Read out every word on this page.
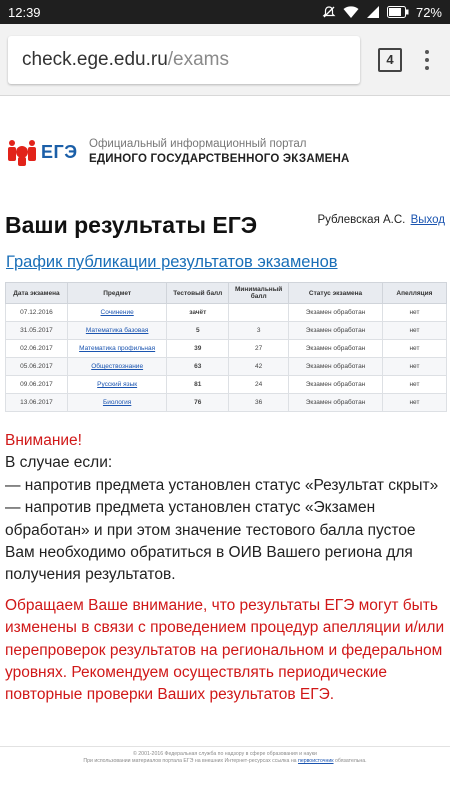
12:39	72%
check.ege.edu.ru /exams	4
ЕГЭ Официальный информационный портал
ЕДИНОГО ГОСУДАРСТВЕННОГО ЭКЗАМЕНА
Ваши результаты ЕГЭ	Рублевская А.С. Выход
График публикации результатов экзаменов
Дата экзамена	Предмет	Тестовый балл	Минимальный балл	Статус экзамена	Апелляция
07.12.2016	Сочинение	зачёт		Экзамен обработан	нет
31.05.2017	Математика базовая	5	3	Экзамен обработан	нет
02.06.2017	Математика профильная	39	27	Экзамен обработан	нет
05.06.2017	Обществознание	63	42	Экзамен обработан	нет
09.06.2017	Русский язык	81	24	Экзамен обработан	нет
13.06.2017	Биология	76	36	Экзамен обработан	нет
Внимание!
В случае если:
— напротив предмета установлен статус «Результат скрыт»
— напротив предмета установлен статус «Экзамен обработан» и при этом значение тестового балла пустое
Вам необходимо обратиться в ОИВ Вашего региона для получения результатов.
Обращаем Ваше внимание, что результаты ЕГЭ могут быть изменены в связи с проведением процедур апелляции и/или перепроверок результатов на региональном и федеральном уровнях. Рекомендуем осуществлять периодические повторные проверки Ваших результатов ЕГЭ.
© 2001-2016 Федеральная служба по надзору в сфере образования и науки
При использовании материалов портала ЕГЭ на внешних Интернет-ресурсах ссылка на первоисточник обязательна.
